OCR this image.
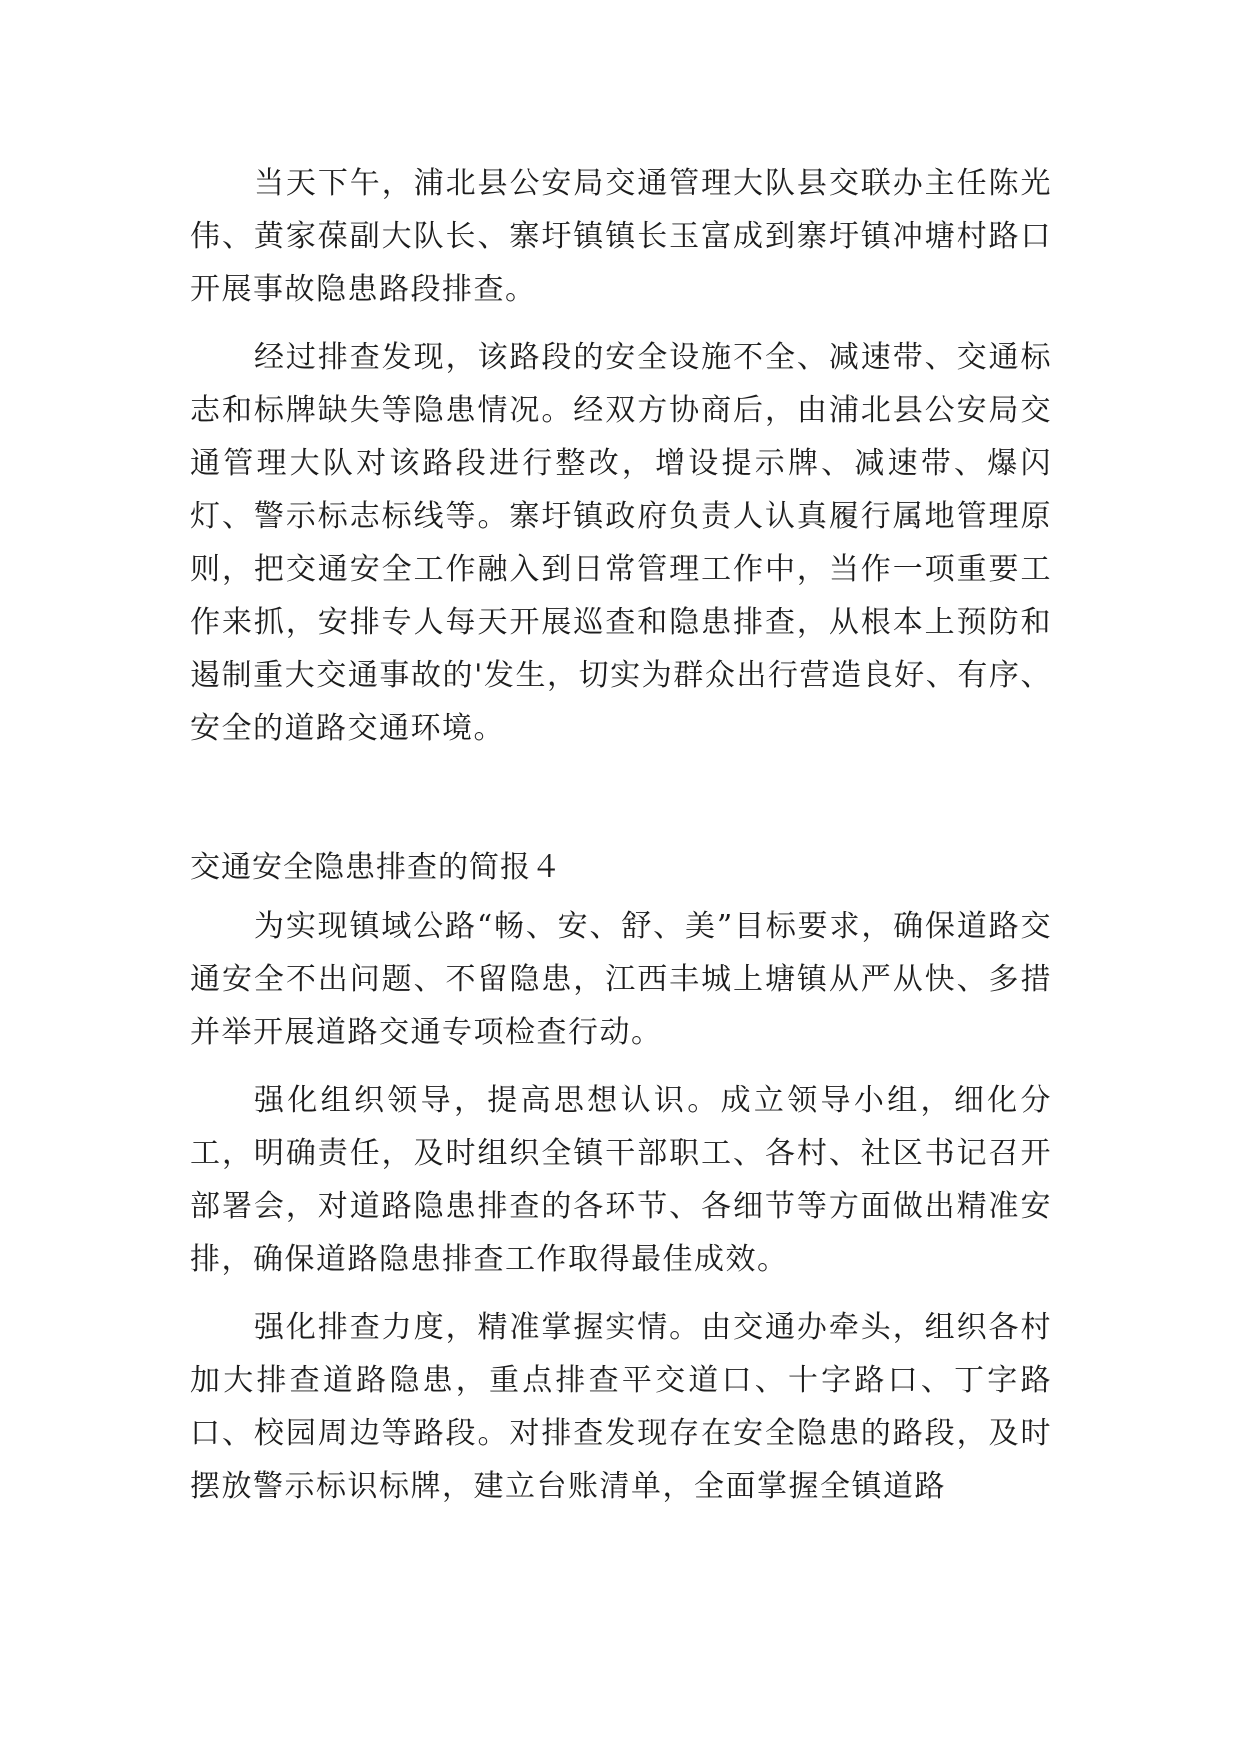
当天下午，浦北县公安局交通管理大队县交联办主任陈光伟、黄家葆副大队长、寨圩镇镇长玉富成到寨圩镇冲塘村路口开展事故隐患路段排查。

经过排查发现，该路段的安全设施不全、减速带、交通标志和标牌缺失等隐患情况。经双方协商后，由浦北县公安局交通管理大队对该路段进行整改，增设提示牌、减速带、爆闪灯、警示标志标线等。寨圩镇政府负责人认真履行属地管理原则，把交通安全工作融入到日常管理工作中，当作一项重要工作来抓，安排专人每天开展巡查和隐患排查，从根本上预防和遏制重大交通事故的'发生，切实为群众出行营造良好、有序、安全的道路交通环境。

交通安全隐患排查的简报４

为实现镇域公路“畅、安、舒、美”目标要求，确保道路交通安全不出问题、不留隐患，江西丰城上塘镇从严从快、多措并举开展道路交通专项检查行动。

强化组织领导，提高思想认识。成立领导小组，细化分工，明确责任，及时组织全镇干部职工、各村、社区书记召开部署会，对道路隐患排查的各环节、各细节等方面做出精准安排，确保道路隐患排查工作取得最佳成效。

强化排查力度，精准掌握实情。由交通办牵头，组织各村加大排查道路隐患，重点排查平交道口、十字路口、丁字路口、校园周边等路段。对排查发现存在安全隐患的路段，及时摆放警示标识标牌，建立台账清单，全面掌握全镇道路
